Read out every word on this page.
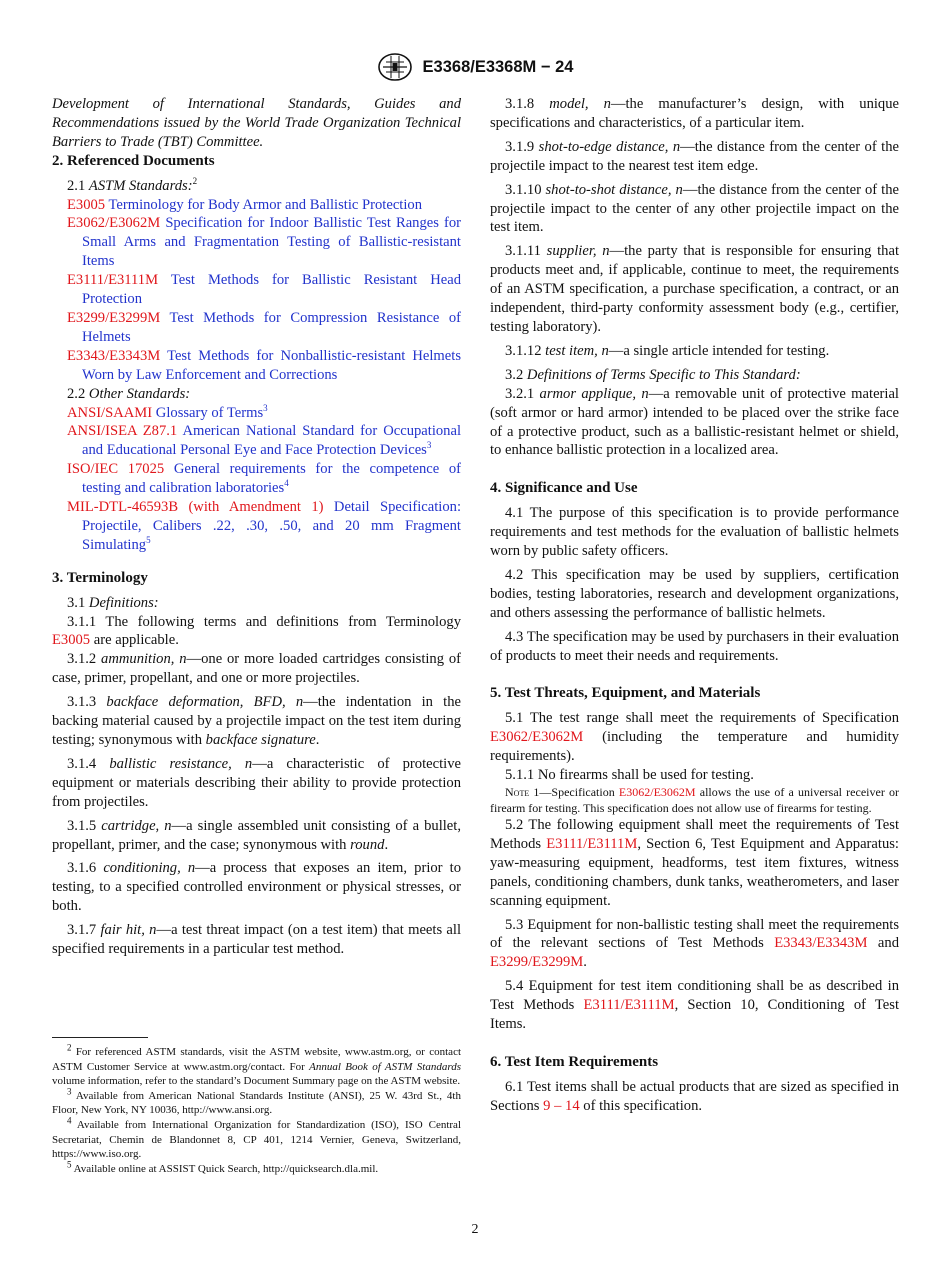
E3368/E3368M − 24

Development of International Standards, Guides and Recommendations issued by the World Trade Organization Technical Barriers to Trade (TBT) Committee.

2. Referenced Documents

2.1 ASTM Standards:$^2$

E3005 Terminology for Body Armor and Ballistic Protection

E3062/E3062M Specification for Indoor Ballistic Test Ranges for Small Arms and Fragmentation Testing of Ballistic-resistant Items

E3111/E3111M Test Methods for Ballistic Resistant Head Protection

E3299/E3299M Test Methods for Compression Resistance of Helmets

E3343/E3343M Test Methods for Nonballistic-resistant Helmets Worn by Law Enforcement and Corrections

2.2 Other Standards:

ANSI/SAAMI Glossary of Terms$^3$

ANSI/ISEA Z87.1 American National Standard for Occupational and Educational Personal Eye and Face Protection Devices$^3$

ISO/IEC 17025 General requirements for the competence of testing and calibration laboratories$^4$

MIL-DTL-46593B (with Amendment 1) Detail Specification: Projectile, Calibers .22, .30, .50, and 20 mm Fragment Simulating$^5$

3. Terminology

3.1 Definitions:

3.1.1 The following terms and definitions from Terminology E3005 are applicable.

3.1.2 ammunition, n—one or more loaded cartridges consisting of case, primer, propellant, and one or more projectiles.

3.1.3 backface deformation, BFD, n—the indentation in the backing material caused by a projectile impact on the test item during testing; synonymous with backface signature.

3.1.4 ballistic resistance, n—a characteristic of protective equipment or materials describing their ability to provide protection from projectiles.

3.1.5 cartridge, n—a single assembled unit consisting of a bullet, propellant, primer, and the case; synonymous with round.

3.1.6 conditioning, n—a process that exposes an item, prior to testing, to a specified controlled environment or physical stresses, or both.

3.1.7 fair hit, n—a test threat impact (on a test item) that meets all specified requirements in a particular test method.

$^2$ For referenced ASTM standards, visit the ASTM website, www.astm.org, or contact ASTM Customer Service at www.astm.org/contact. For Annual Book of ASTM Standards volume information, refer to the standard’s Document Summary page on the ASTM website.

$^3$ Available from American National Standards Institute (ANSI), 25 W. 43rd St., 4th Floor, New York, NY 10036, http://www.ansi.org.

$^4$ Available from International Organization for Standardization (ISO), ISO Central Secretariat, Chemin de Blandonnet 8, CP 401, 1214 Vernier, Geneva, Switzerland, https://www.iso.org.

$^5$ Available online at ASSIST Quick Search, http://quicksearch.dla.mil.

3.1.8 model, n—the manufacturer’s design, with unique specifications and characteristics, of a particular item.

3.1.9 shot-to-edge distance, n—the distance from the center of the projectile impact to the nearest test item edge.

3.1.10 shot-to-shot distance, n—the distance from the center of the projectile impact to the center of any other projectile impact on the test item.

3.1.11 supplier, n—the party that is responsible for ensuring that products meet and, if applicable, continue to meet, the requirements of an ASTM specification, a purchase specification, a contract, or an independent, third-party conformity assessment body (e.g., certifier, testing laboratory).

3.1.12 test item, n—a single article intended for testing.

3.2 Definitions of Terms Specific to This Standard:

3.2.1 armor applique, n—a removable unit of protective material (soft armor or hard armor) intended to be placed over the strike face of a protective product, such as a ballistic-resistant helmet or shield, to enhance ballistic protection in a localized area.

4. Significance and Use

4.1 The purpose of this specification is to provide performance requirements and test methods for the evaluation of ballistic helmets worn by public safety officers.

4.2 This specification may be used by suppliers, certification bodies, testing laboratories, research and development organizations, and others assessing the performance of ballistic helmets.

4.3 The specification may be used by purchasers in their evaluation of products to meet their needs and requirements.

5. Test Threats, Equipment, and Materials

5.1 The test range shall meet the requirements of Specification E3062/E3062M (including the temperature and humidity requirements).

5.1.1 No firearms shall be used for testing.

Note 1—Specification E3062/E3062M allows the use of a universal receiver or firearm for testing. This specification does not allow use of firearms for testing.

5.2 The following equipment shall meet the requirements of Test Methods E3111/E3111M, Section 6, Test Equipment and Apparatus: yaw-measuring equipment, headforms, test item fixtures, witness panels, conditioning chambers, dunk tanks, weatherometers, and laser scanning equipment.

5.3 Equipment for non-ballistic testing shall meet the requirements of the relevant sections of Test Methods E3343/E3343M and E3299/E3299M.

5.4 Equipment for test item conditioning shall be as described in Test Methods E3111/E3111M, Section 10, Conditioning of Test Items.

6. Test Item Requirements

6.1 Test items shall be actual products that are sized as specified in Sections 9 – 14 of this specification.

2
